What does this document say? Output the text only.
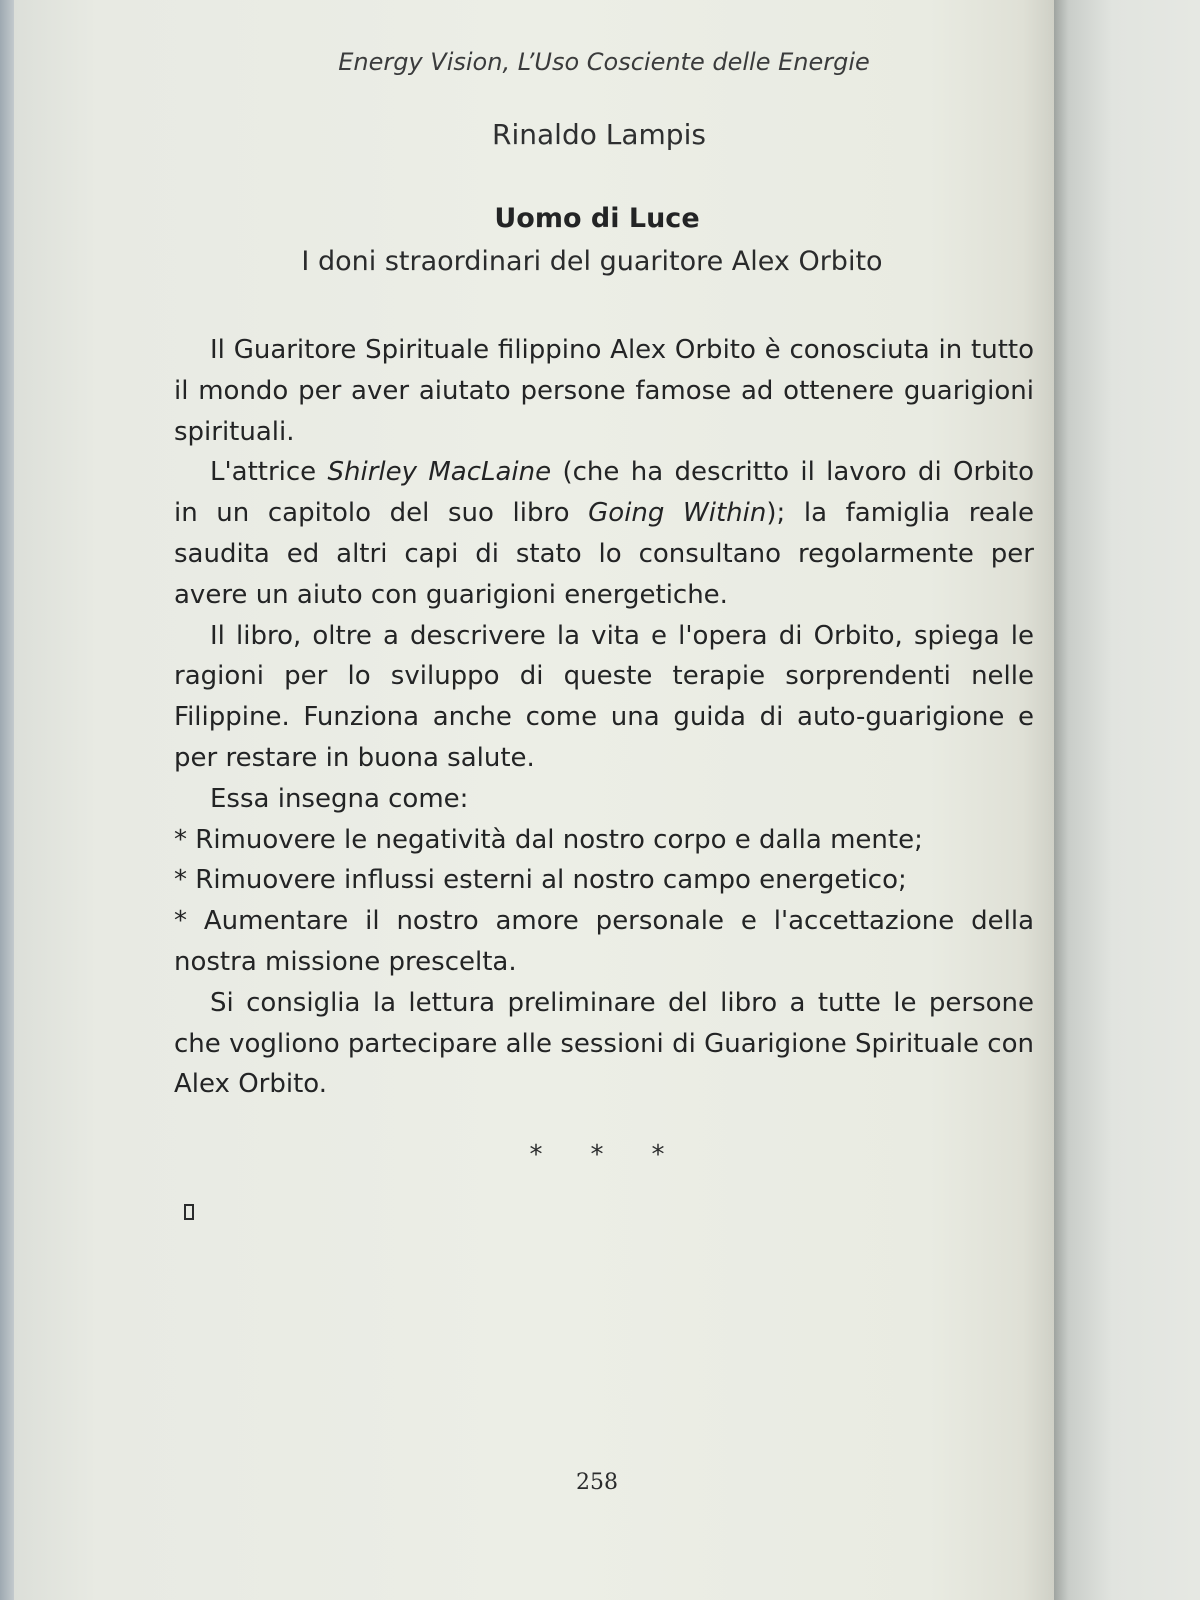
Energy Vision, L’Uso Cosciente delle Energie
Rinaldo Lampis
Uomo di Luce
I doni straordinari del guaritore Alex Orbito

Il Guaritore Spirituale filippino Alex Orbito è conosciuta in tutto il mondo per aver aiutato persone famose ad ottenere guarigioni spirituali.

L'attrice Shirley MacLaine (che ha descritto il lavoro di Orbito in un capitolo del suo libro Going Within); la famiglia reale saudita ed altri capi di stato lo consultano regolarmente per avere un aiuto con guarigioni energetiche.

Il libro, oltre a descrivere la vita e l'opera di Orbito, spiega le ragioni per lo sviluppo di queste terapie sorprendenti nelle Filippine. Funziona anche come una guida di auto-guarigione e per restare in buona salute.

Essa insegna come:

* Rimuovere le negatività dal nostro corpo e dalla mente;

* Rimuovere influssi esterni al nostro campo energetico;

* Aumentare il nostro amore personale e l'accettazione della nostra missione prescelta.

Si consiglia la lettura preliminare del libro a tutte le persone che vogliono partecipare alle sessioni di Guarigione Spirituale con Alex Orbito.

* * *
258
